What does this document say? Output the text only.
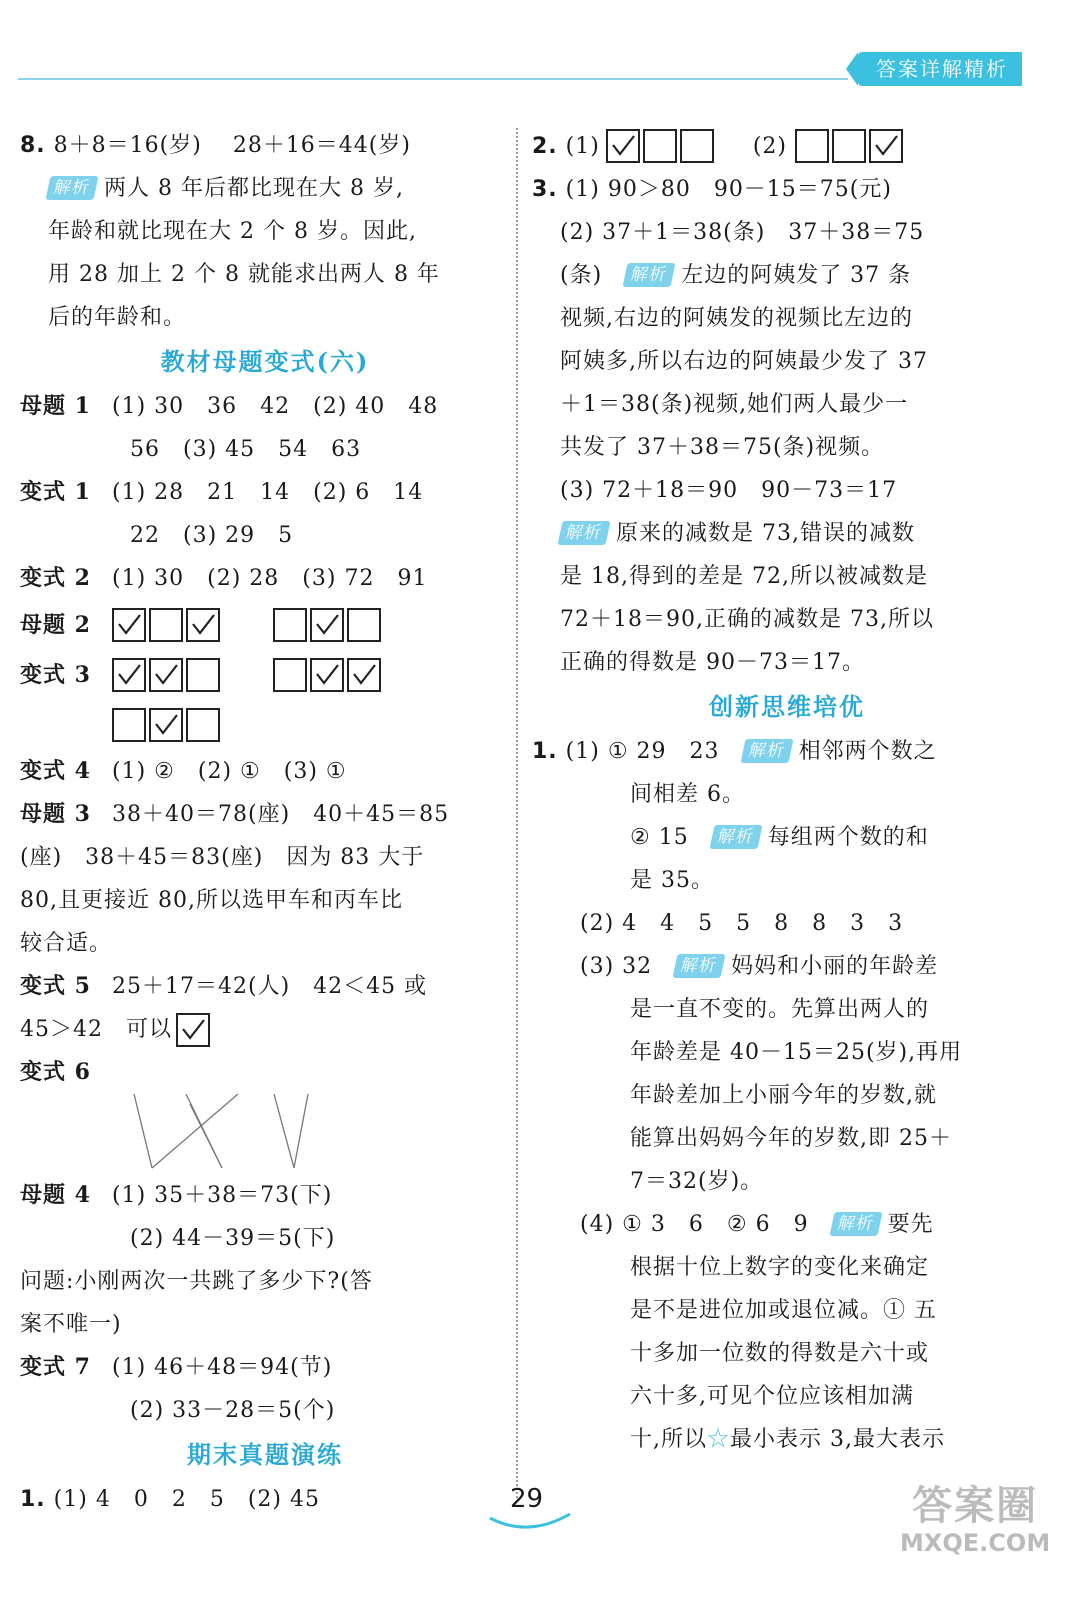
答案详解精析
8. 8＋8＝16(岁)　 28＋16＝44(岁)
解析 两人 8 年后都比现在大 8 岁,
年龄和就比现在大 2 个 8 岁。因此,
用 28 加上 2 个 8 就能求出两人 8 年
后的年龄和。
教材母题变式(六)
母题 1 (1) 30　36　42　(2) 40　48
56　(3) 45　54　63
变式 1 (1) 28　21　14　(2) 6　14
22　(3) 29　5
变式 2 (1) 30　(2) 28　(3) 72　91
母题 2
变式 3
变式 4 (1) ②　(2) ①　(3) ①
母题 3 38＋40＝78(座)　40＋45＝85
(座)　38＋45＝83(座)　因为 83 大于
80,且更接近 80,所以选甲车和丙车比
较合适。
变式 5 25＋17＝42(人)　42＜45 或
45＞42　可以
变式 6
母题 4 (1) 35＋38＝73(下)
(2) 44－39＝5(下)
问题:小刚两次一共跳了多少下?(答
案不唯一)
变式 7 (1) 46＋48＝94(节)
(2) 33－28＝5(个)
期末真题演练
1. (1) 4　0　2　5　(2) 45
2. (1)	(2)
3. (1) 90＞80　90－15＝75(元)
(2) 37＋1＝38(条)　37＋38＝75
(条)　 解析 左边的阿姨发了 37 条
视频,右边的阿姨发的视频比左边的
阿姨多,所以右边的阿姨最少发了 37
＋1＝38(条)视频,她们两人最少一
共发了 37＋38＝75(条)视频。
(3) 72＋18＝90　90－73＝17
解析 原来的减数是 73,错误的减数
是 18,得到的差是 72,所以被减数是
72＋18＝90,正确的减数是 73,所以
正确的得数是 90－73＝17。
创新思维培优
1. (1) ① 29　23　 解析 相邻两个数之
间相差 6。
② 15　 解析 每组两个数的和
是 35。
(2) 4　4　5　5　8　8　3　3
(3) 32　 解析 妈妈和小丽的年龄差
是一直不变的。先算出两人的
年龄差是 40－15＝25(岁),再用
年龄差加上小丽今年的岁数,就
能算出妈妈今年的岁数,即 25＋
7＝32(岁)。
(4) ① 3　6　② 6　9　 解析 要先
根据十位上数字的变化来确定
是不是进位加或退位减。① 五
十多加一位数的得数是六十或
六十多,可见个位应该相加满
十,所以☆最小表示 3,最大表示
29	答案圈
MXQE.COM
